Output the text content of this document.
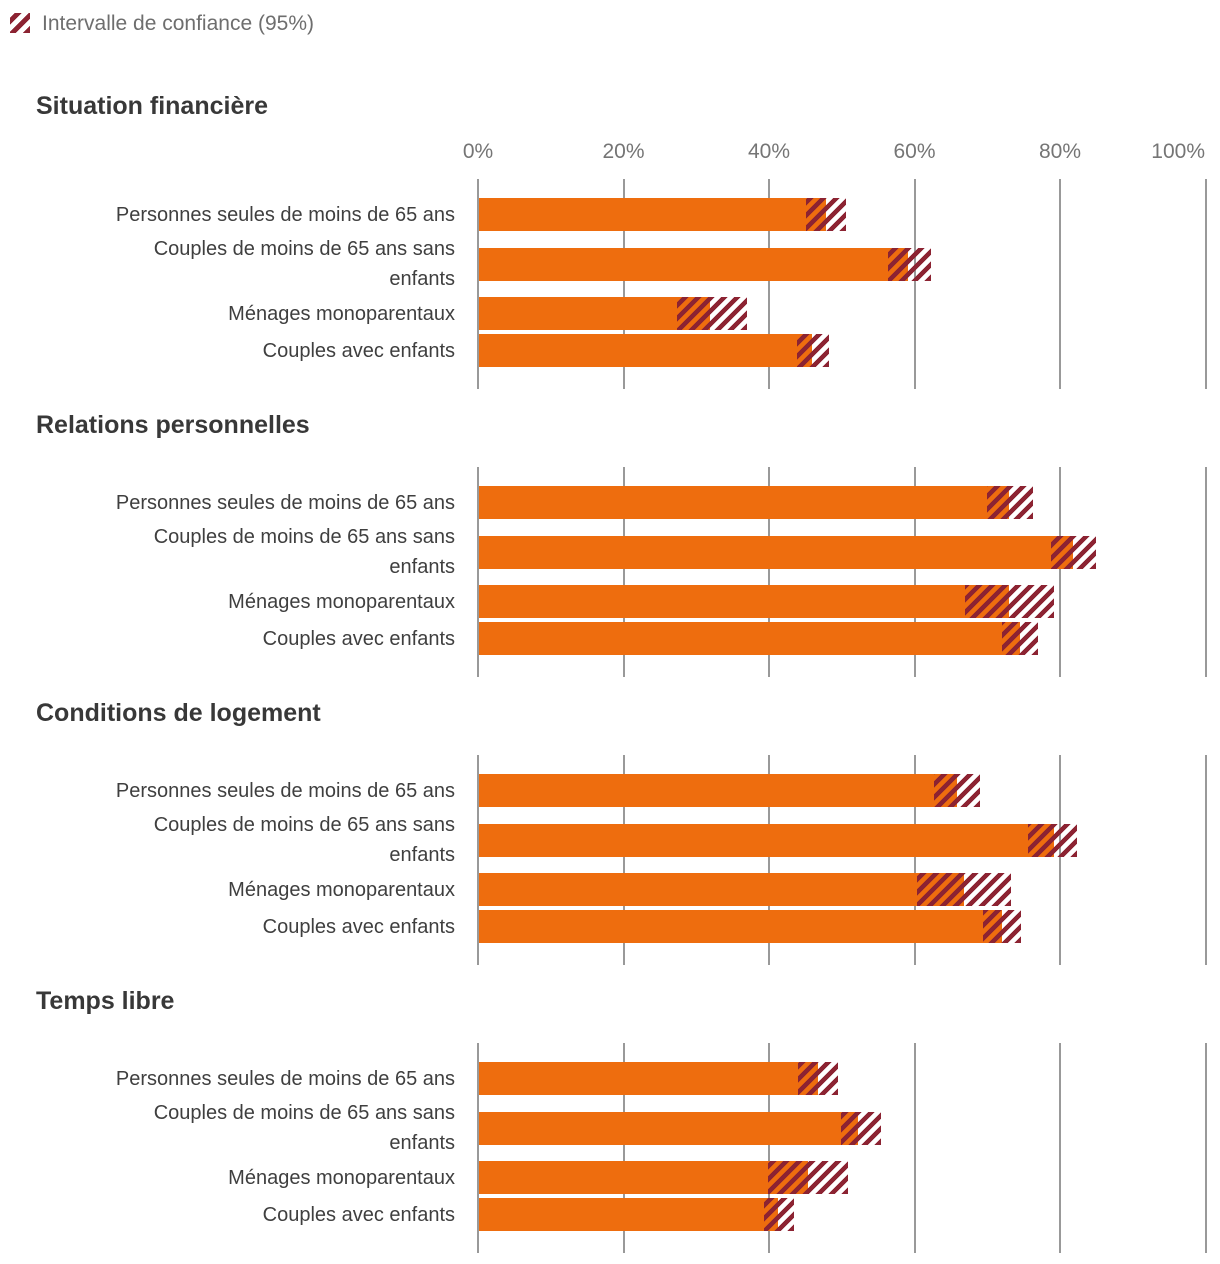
Intervalle de confiance (95%)
Situation financière
0%	20%	40%	60%	80%	100%
Personnes seules de moins de 65 ans
Couples de moins de 65 ans sans enfants
Ménages monoparentaux
Couples avec enfants
Relations personnelles
Personnes seules de moins de 65 ans
Couples de moins de 65 ans sans enfants
Ménages monoparentaux
Couples avec enfants
Conditions de logement
Personnes seules de moins de 65 ans
Couples de moins de 65 ans sans enfants
Ménages monoparentaux
Couples avec enfants
Temps libre
Personnes seules de moins de 65 ans
Couples de moins de 65 ans sans enfants
Ménages monoparentaux
Couples avec enfants
